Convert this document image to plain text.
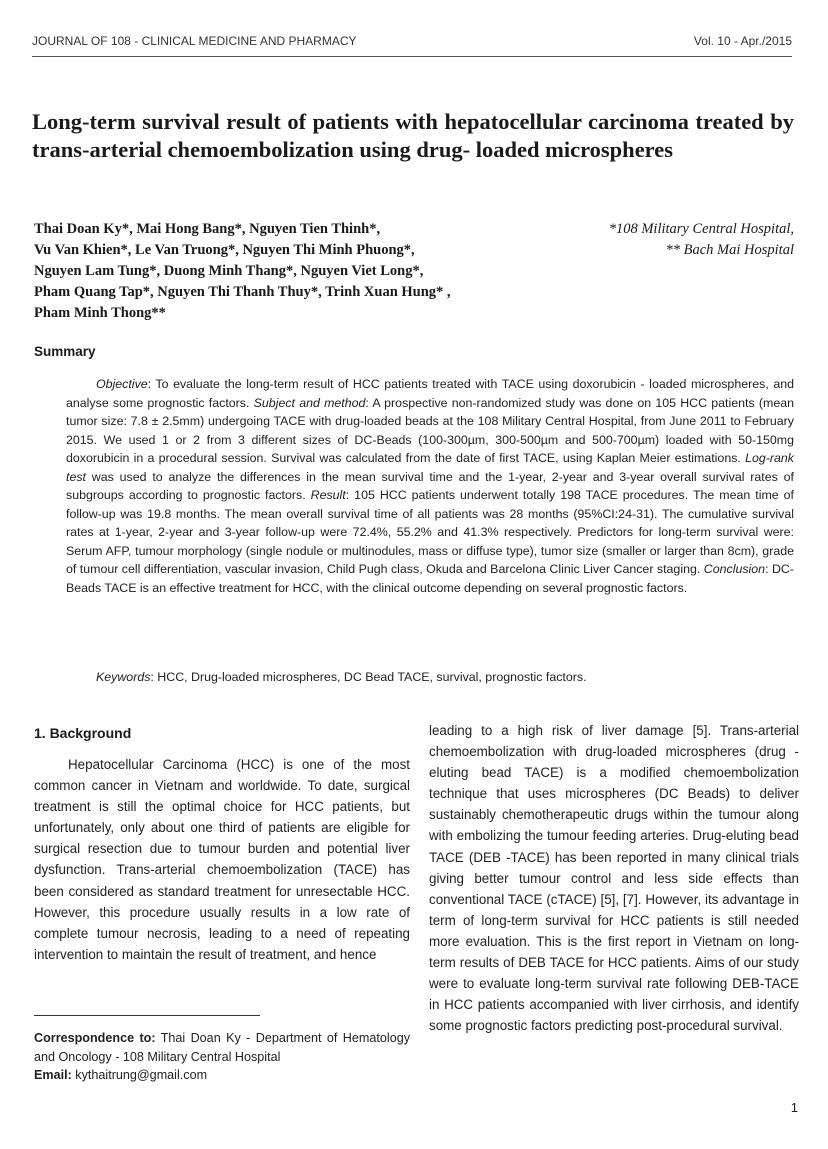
JOURNAL OF 108 - CLINICAL MEDICINE AND PHARMACY	Vol. 10 - Apr./2015
Long-term survival result of patients with hepatocellular carcinoma treated by trans-arterial chemoembolization using drug- loaded microspheres
Thai Doan Ky*, Mai Hong Bang*, Nguyen Tien Thinh*,
Vu Van Khien*, Le Van Truong*, Nguyen Thi Minh Phuong*,
Nguyen Lam Tung*, Duong Minh Thang*, Nguyen Viet Long*,
Pham Quang Tap*, Nguyen Thi Thanh Thuy*, Trinh Xuan Hung* ,
Pham Minh Thong**
*108 Military Central Hospital,
** Bach Mai Hospital
Summary

Objective: To evaluate the long-term result of HCC patients treated with TACE using doxorubicin - loaded microspheres, and analyse some prognostic factors. Subject and method: A prospective non-randomized study was done on 105 HCC patients (mean tumor size: 7.8 ± 2.5mm) undergoing TACE with drug-loaded beads at the 108 Military Central Hospital, from June 2011 to February 2015. We used 1 or 2 from 3 different sizes of DC-Beads (100-300µm, 300-500µm and 500-700µm) loaded with 50-150mg doxorubicin in a procedural session. Survival was calculated from the date of first TACE, using Kaplan Meier estimations. Log-rank test was used to analyze the differences in the mean survival time and the 1-year, 2-year and 3-year overall survival rates of subgroups according to prognostic factors. Result: 105 HCC patients underwent totally 198 TACE procedures. The mean time of follow-up was 19.8 months. The mean overall survival time of all patients was 28 months (95%CI:24-31). The cumulative survival rates at 1-year, 2-year and 3-year follow-up were 72.4%, 55.2% and 41.3% respectively. Predictors for long-term survival were: Serum AFP, tumour morphology (single nodule or multinodules, mass or diffuse type), tumor size (smaller or larger than 8cm), grade of tumour cell differentiation, vascular invasion, Child Pugh class, Okuda and Barcelona Clinic Liver Cancer staging. Conclusion: DC-Beads TACE is an effective treatment for HCC, with the clinical outcome depending on several prognostic factors.

Keywords: HCC, Drug-loaded microspheres, DC Bead TACE, survival, prognostic factors.

1. Background

Hepatocellular Carcinoma (HCC) is one of the most common cancer in Vietnam and worldwide. To date, surgical treatment is still the optimal choice for HCC patients, but unfortunately, only about one third of patients are eligible for surgical resection due to tumour burden and potential liver dysfunction. Trans-arterial chemoembolization (TACE) has been considered as standard treatment for unresectable HCC. However, this procedure usually results in a low rate of complete tumour necrosis, leading to a need of repeating intervention to maintain the result of treatment, and hence

leading to a high risk of liver damage [5]. Trans-arterial chemoembolization with drug-loaded microspheres (drug - eluting bead TACE) is a modified chemoembolization technique that uses microspheres (DC Beads) to deliver sustainably chemotherapeutic drugs within the tumour along with embolizing the tumour feeding arteries. Drug-eluting bead TACE (DEB -TACE) has been reported in many clinical trials giving better tumour control and less side effects than conventional TACE (cTACE) [5], [7]. However, its advantage in term of long-term survival for HCC patients is still needed more evaluation. This is the first report in Vietnam on long-term results of DEB TACE for HCC patients. Aims of our study were to evaluate long-term survival rate following DEB-TACE in HCC patients accompanied with liver cirrhosis, and identify some prognostic factors predicting post-procedural survival.

Correspondence to: Thai Doan Ky - Department of Hematology and Oncology - 108 Military Central Hospital
Email: kythaitrung@gmail.com

1
